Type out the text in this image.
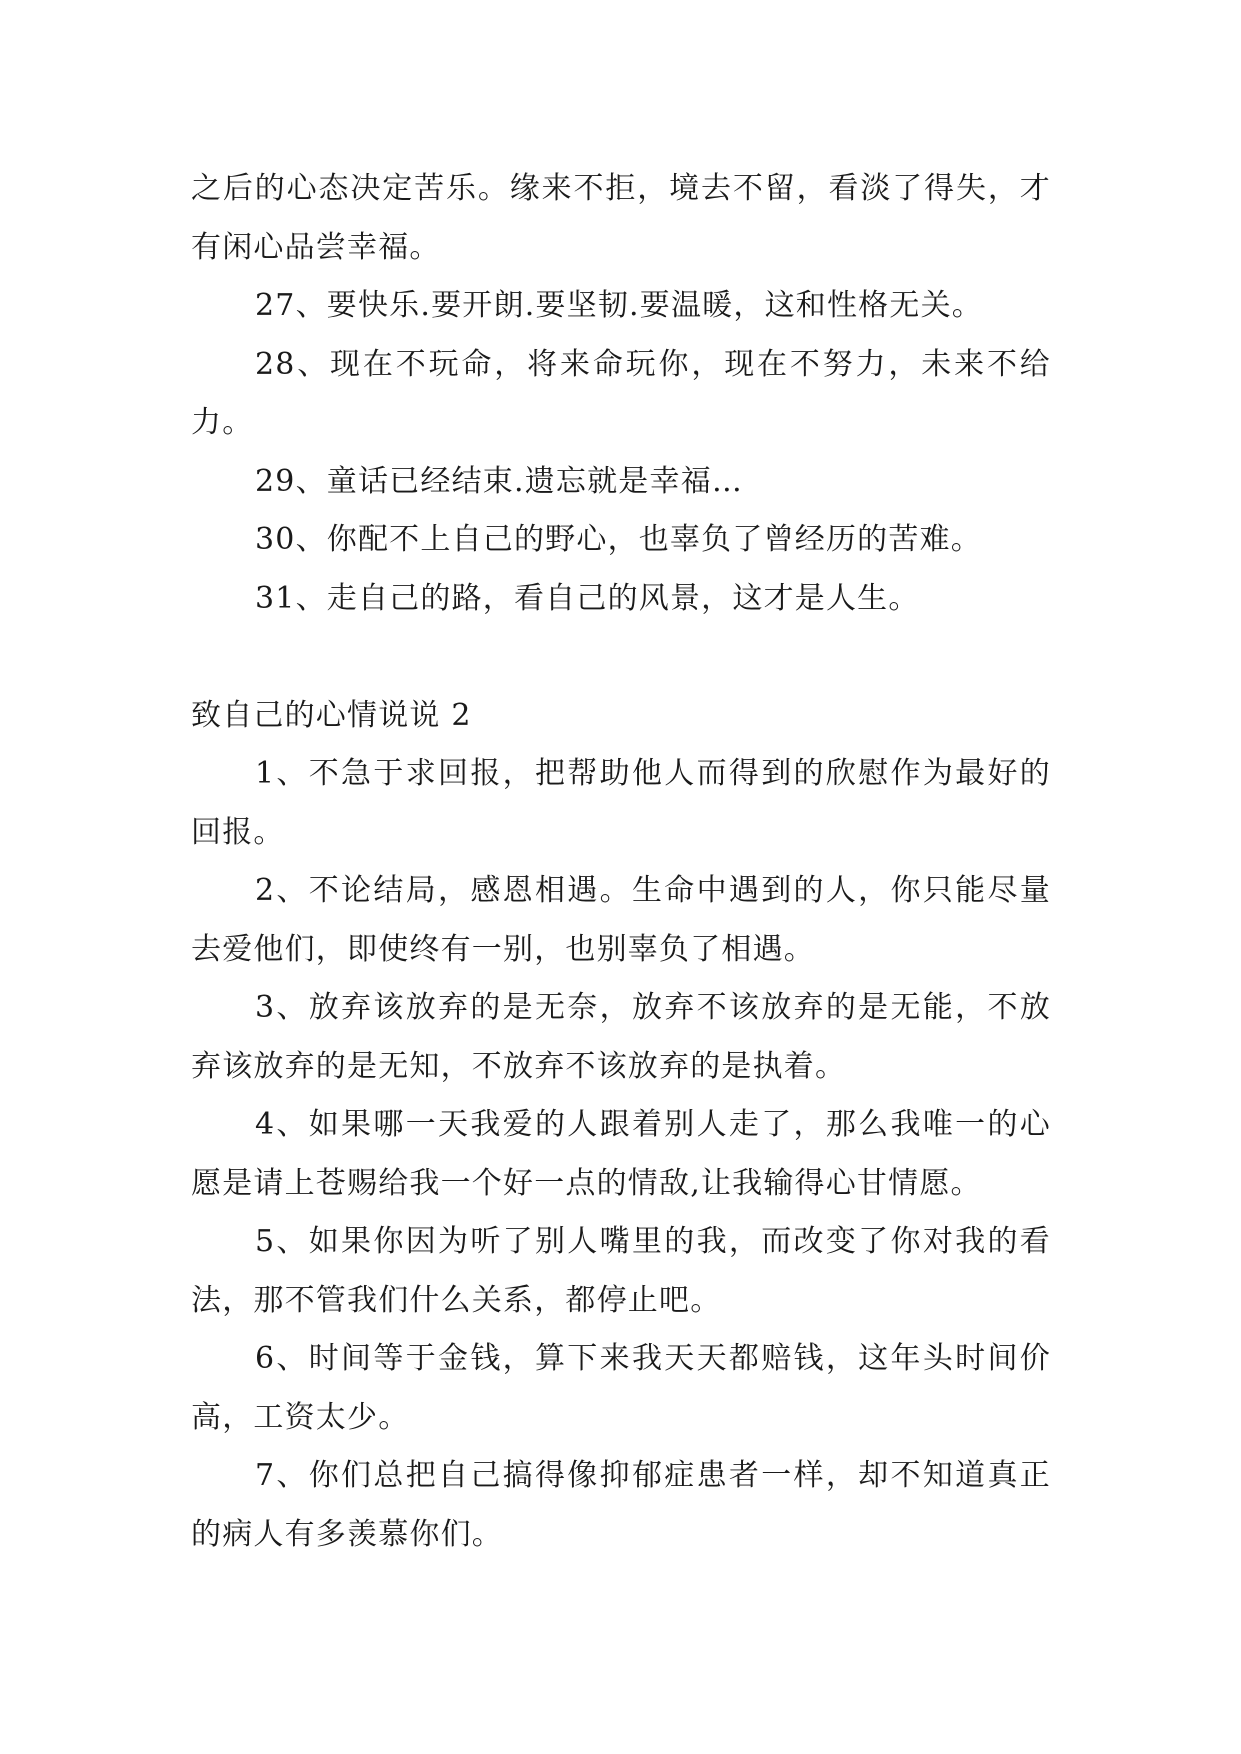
之后的心态决定苦乐。缘来不拒，境去不留，看淡了得失，才有闲心品尝幸福。

27、要快乐.要开朗.要坚韧.要温暖，这和性格无关。

28、现在不玩命，将来命玩你，现在不努力，未来不给力。

29、童话已经结束.遗忘就是幸福…

30、你配不上自己的野心，也辜负了曾经历的苦难。

31、走自己的路，看自己的风景，这才是人生。

致自己的心情说说 2

1、不急于求回报，把帮助他人而得到的欣慰作为最好的回报。

2、不论结局，感恩相遇。生命中遇到的人，你只能尽量去爱他们，即使终有一别，也别辜负了相遇。

3、放弃该放弃的是无奈，放弃不该放弃的是无能，不放弃该放弃的是无知，不放弃不该放弃的是执着。

4、如果哪一天我爱的人跟着别人走了，那么我唯一的心愿是请上苍赐给我一个好一点的情敌,让我输得心甘情愿。

5、如果你因为听了别人嘴里的我，而改变了你对我的看法，那不管我们什么关系，都停止吧。

6、时间等于金钱，算下来我天天都赔钱，这年头时间价高，工资太少。

7、你们总把自己搞得像抑郁症患者一样，却不知道真正的病人有多羡慕你们。
